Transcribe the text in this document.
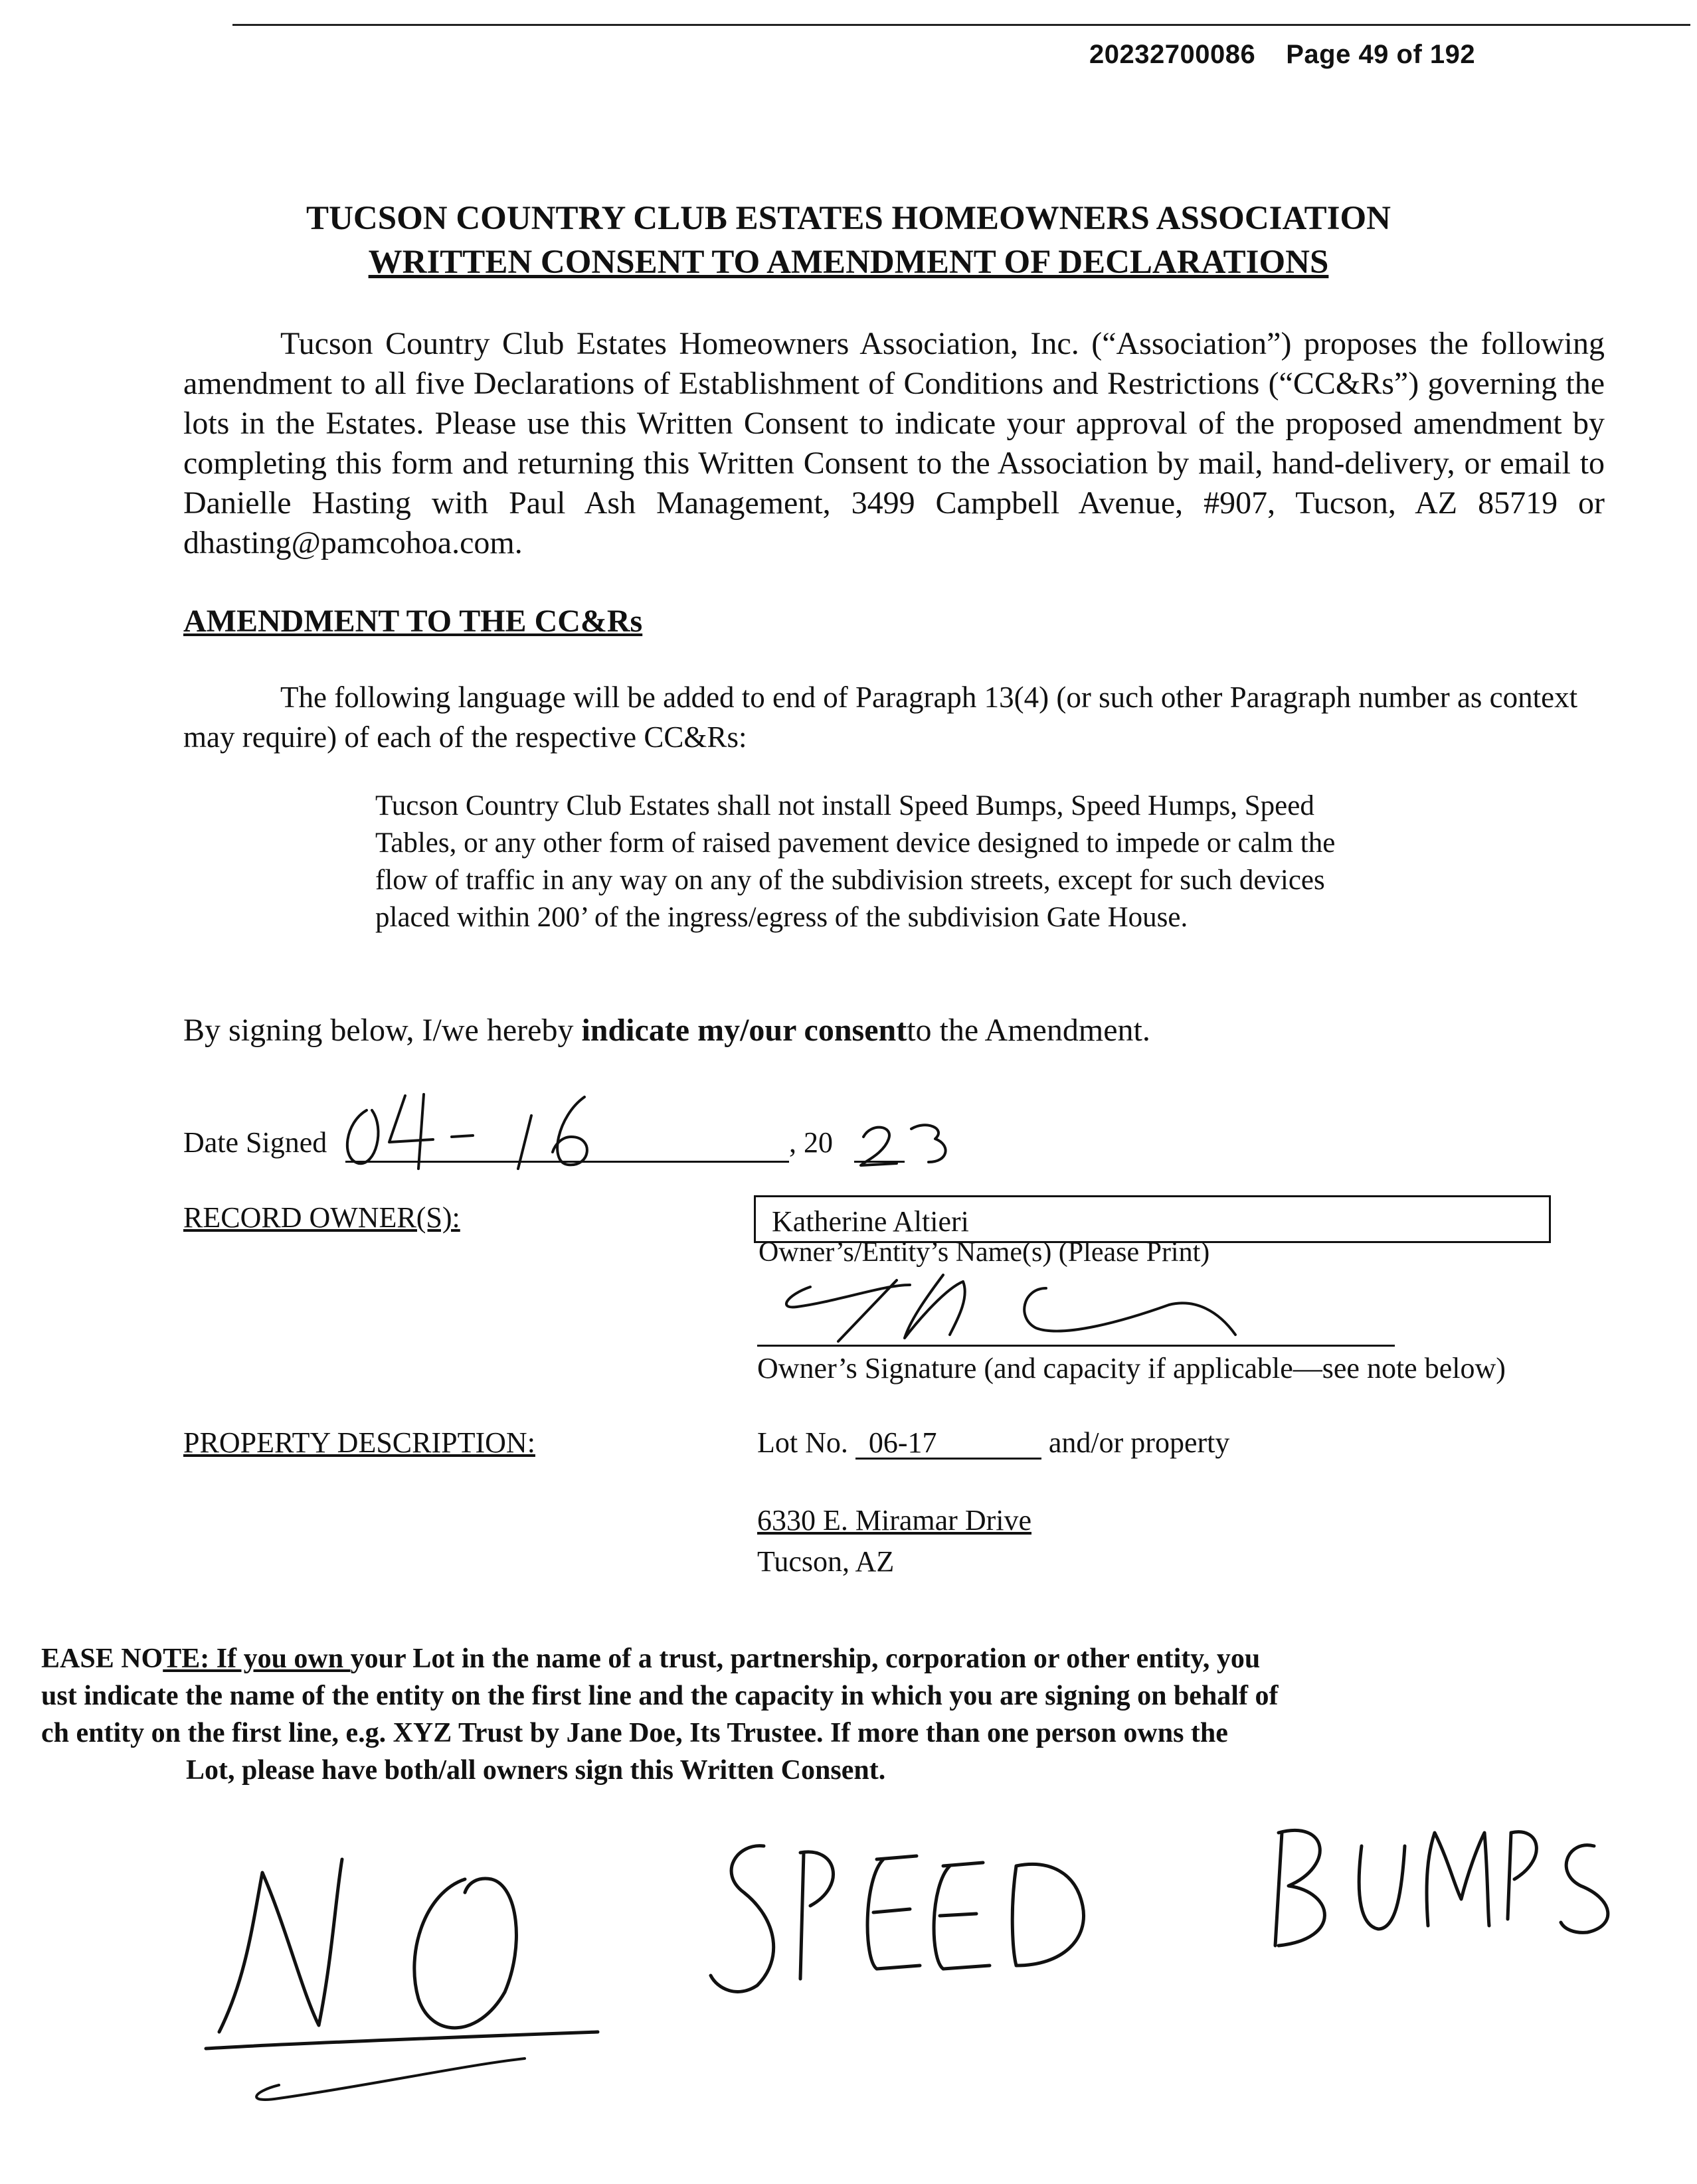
20232700086 Page 49 of 192
TUCSON COUNTRY CLUB ESTATES HOMEOWNERS ASSOCIATION
WRITTEN CONSENT TO AMENDMENT OF DECLARATIONS
Tucson Country Club Estates Homeowners Association, Inc. (“Association”) proposes the following amendment to all five Declarations of Establishment of Conditions and Restrictions (“CC&Rs”) governing the lots in the Estates. Please use this Written Consent to indicate your approval of the proposed amendment by completing this form and returning this Written Consent to the Association by mail, hand-delivery, or email to Danielle Hasting with Paul Ash Management, 3499 Campbell Avenue, #907, Tucson, AZ 85719 or dhasting@pamcohoa.com.
AMENDMENT TO THE CC&Rs
The following language will be added to end of Paragraph 13(4) (or such other Paragraph number as context may require) of each of the respective CC&Rs:
Tucson Country Club Estates shall not install Speed Bumps, Speed Humps, Speed Tables, or any other form of raised pavement device designed to impede or calm the flow of traffic in any way on any of the subdivision streets, except for such devices placed within 200’ of the ingress/egress of the subdivision Gate House.
By signing below, I/we hereby indicate my/our consentto the Amendment.
Date Signed	, 20
RECORD OWNER(S):	Katherine Altieri
Owner’s/Entity’s Name(s) (Please Print)
Owner’s Signature (and capacity if applicable—see note below)
PROPERTY DESCRIPTION:	Lot No. 06-17	and/or property
6330 E. Miramar Drive
Tucson, AZ
EASE NOTE: If you own your Lot in the name of a trust, partnership, corporation or other entity, you
ust indicate the name of the entity on the first line and the capacity in which you are signing on behalf of
ch entity on the first line, e.g. XYZ Trust by Jane Doe, Its Trustee. If more than one person owns the
Lot, please have both/all owners sign this Written Consent.
